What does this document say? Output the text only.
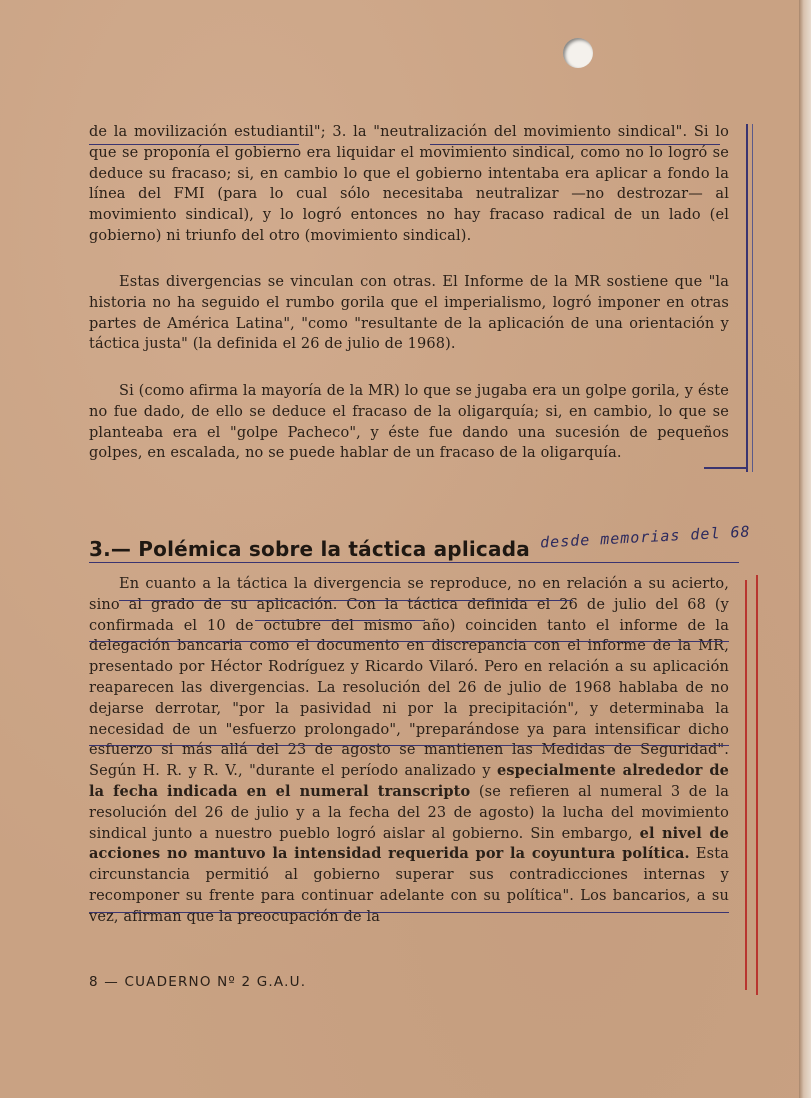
de la movilización estudiantil"; 3. la "neutralización del movimiento sindical". Si lo que se proponía el gobierno era liquidar el movimiento sindical, como no lo logró se deduce su fracaso; si, en cambio lo que el gobierno intentaba era aplicar a fondo la línea del FMI (para lo cual sólo necesitaba neutralizar —no destrozar— al movimiento sindical), y lo logró entonces no hay fracaso radical de un lado (el gobierno) ni triunfo del otro (movimiento sindical).

Estas divergencias se vinculan con otras. El Informe de la MR sostiene que "la historia no ha seguido el rumbo gorila que el imperialismo, logró imponer en otras partes de América Latina", "como "resultante de la aplicación de una orientación y táctica justa" (la definida el 26 de julio de 1968).

Si (como afirma la mayoría de la MR) lo que se jugaba era un golpe gorila, y éste no fue dado, de ello se deduce el fracaso de la oligarquía; si, en cambio, lo que se planteaba era el "golpe Pacheco", y éste fue dando una sucesión de pequeños golpes, en escalada, no se puede hablar de un fracaso de la oligarquía.

3.— Polémica sobre la táctica aplicada desde memorias del 68

En cuanto a la táctica la divergencia se reproduce, no en relación a su acierto, sino al grado de su aplicación. Con la táctica definida el 26 de julio del 68 (y confirmada el 10 de octubre del mismo año) coinciden tanto el informe de la delegación bancaria como el documento en discrepancia con el informe de la MR, presentado por Héctor Rodríguez y Ricardo Vilaró. Pero en relación a su aplicación reaparecen las divergencias. La resolución del 26 de julio de 1968 hablaba de no dejarse derrotar, "por la pasividad ni por la precipitación", y determinaba la necesidad de un "esfuerzo prolongado", "preparándose ya para intensificar dicho esfuerzo si más allá del 23 de agosto se mantienen las Medidas de Seguridad". Según H. R. y R. V., "durante el período analizado y especialmente alrededor de la fecha indicada en el numeral transcripto (se refieren al numeral 3 de la resolución del 26 de julio y a la fecha del 23 de agosto) la lucha del movimiento sindical junto a nuestro pueblo logró aislar al gobierno. Sin embargo, el nivel de acciones no mantuvo la intensidad requerida por la coyuntura política. Esta circunstancia permitió al gobierno superar sus contradicciones internas y recomponer su frente para continuar adelante con su política". Los bancarios, a su vez, afirman que la preocupación de la

8 — CUADERNO Nº 2 G.A.U.
